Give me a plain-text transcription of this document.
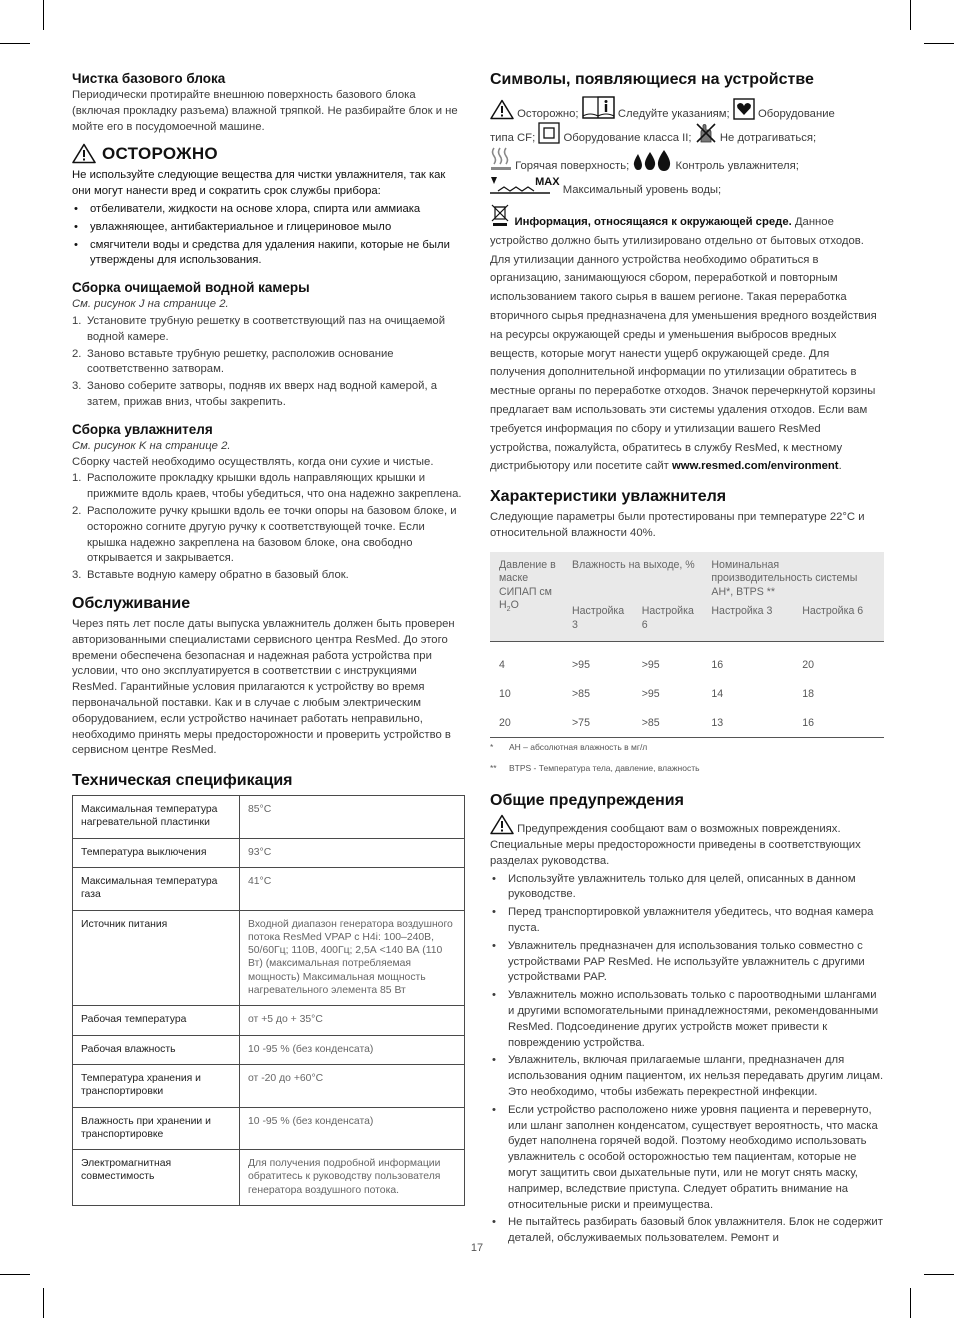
Чистка базового блока

Периодически протирайте внешнюю поверхность базового блока (включая прокладку разъема) влажной тряпкой. Не разбирайте блок и не мойте его в посудомоечной машине.

ОСТОРОЖНО

Не используйте следующие вещества для чистки увлажнителя, так как они могут нанести вред и сократить срок службы прибора:

• отбеливатели, жидкости на основе хлора, спирта или аммиака
• увлажняющее, антибактериальное и глицериновое мыло
• смягчители воды и средства для удаления накипи, которые не были утверждены для использования.
Сборка очищаемой водной камеры

См. рисунок J на странице 2.

1. Установите трубную решетку в соответствующий паз на очищаемой водной камере.
2. Заново вставьте трубную решетку, расположив основание соответственно затворам.
3. Заново соберите затворы, подняв их вверх над водной камерой, а затем, прижав вниз, чтобы закрепить.
Сборка увлажнителя

См. рисунок K на странице 2.

Сборку частей необходимо осуществлять, когда они сухие и чистые.

1. Расположите прокладку крышки вдоль направляющих крышки и прижмите вдоль краев, чтобы убедиться, что она надежно закреплена.
2. Расположите ручку крышки вдоль ее точки опоры на базовом блоке, и осторожно согните другую ручку к соответствующей точке. Если крышка надежно закреплена на базовом блоке, она свободно открывается и закрывается.
3. Вставьте водную камеру обратно в базовый блок.
Обслуживание

Через пять лет после даты выпуска увлажнитель должен быть проверен авторизованными специалистами сервисного центра ResMed. До этого времени обеспечена безопасная и надежная работа устройства при условии, что оно эксплуатируется в соответствии с инструкциями ResMed. Гарантийные условия прилагаются к устройству во время первоначальной поставки. Как и в случае с любым электрическим оборудованием, если устройство начинает работать неправильно, необходимо принять меры предосторожности и проверить устройство в сервисном центре ResMed.

Техническая спецификация
Максимальная температура нагревательной пластинки	85°C
Температура выключения	93°C
Максимальная температура газа	41°C
Источник питания	Входной диапазон генератора воздушного потока ResMed VPAP c H4i: 100–240В, 50/60Гц; 110В, 400Гц; 2,5А <140 ВА (110 Вт) (максимальная потребляемая мощность) Максимальная мощность нагревательного элемента 85 Вт
Рабочая температура	от +5 до + 35°C
Рабочая влажность	10 -95 % (без конденсата)
Температура хранения и транспортировки	от -20 до +60°C
Влажность при хранении и транспортировке	10 -95 % (без конденсата)
Электромагнитная совместимость	Для получения подробной информации обратитесь к руководству пользователя генератора воздушного потока.
Символы, появляющиеся на устройстве
Осторожно;	Следуйте указаниям;	Оборудование
типа CF;	Оборудование класса II;	Не дотрагиваться;
Горячая поверхность;	Контроль увлажнителя;
MAX Максимальный уровень воды;

Информация, относящаяся к окружающей среде. Данное устройство должно быть утилизировано отдельно от бытовых отходов. Для утилизации данного устройства необходимо обратиться в организацию, занимающуюся сбором, переработкой и повторным использованием такого сырья в вашем регионе. Такая переработка вторичного сырья предназначена для уменьшения вредного воздействия на ресурсы окружающей среды и уменьшения выбросов вредных веществ, которые могут нанести ущерб окружающей среде. Для получения дополнительной информации по утилизации обратитесь в местные органы по переработке отходов. Значок перечеркнутой корзины предлагает вам использовать эти системы удаления отходов. Если вам требуется информация по сбору и утилизации вашего ResMed устройства, пожалуйста, обратитесь в службу ResMed, к местному дистрибьютору или посетите сайт www.resmed.com/environment.

Характеристики увлажнителя

Следующие параметры были протестированы при температуре 22°C и относительной влажности 40%.

Давление в маске СИПАП см $H_2O$	Влажность на выходе, %		Номинальная производительность системы AH*, BTPS **	
	Настройка 3	Настройка 6	Настройка 3	Настройка 6
4	>95	>95	16	20
10	>85	>95	14	18
20	>75	>85	13	16
* AH – абсолютная влажность в мг/л
** BTPS - Температура тела, давление, влажность
Общие предупреждения

Предупреждения сообщают вам о возможных повреждениях. Специальные меры предосторожности приведены в соответствующих разделах руководства.

• Используйте увлажнитель только для целей, описанных в данном руководстве.
• Перед транспортировкой увлажнителя убедитесь, что водная камера пуста.
• Увлажнитель предназначен для использования только совместно с устройствами PAP ResMed. Не используйте увлажнитель с другими устройствами PAP.
• Увлажнитель можно использовать только с пароотводными шлангами и другими вспомогательными принадлежностями, рекомендованными ResMed. Подсоединение других устройств может привести к повреждению устройства.
• Увлажнитель, включая прилагаемые шланги, предназначен для использования одним пациентом, их нельзя передавать другим лицам. Это необходимо, чтобы избежать перекрестной инфекции.
• Если устройство расположено ниже уровня пациента и перевернуто, или шланг заполнен конденсатом, существует вероятность, что маска будет наполнена горячей водой. Поэтому необходимо использовать увлажнитель с особой осторожностью тем пациентам, которые не могут защитить свои дыхательные пути, или не могут снять маску, например, вследствие приступа. Следует обратить внимание на относительные риски и преимущества.
• Не пытайтесь разбирать базовый блок увлажнителя. Блок не содержит деталей, обслуживаемых пользователем. Ремонт и
17
